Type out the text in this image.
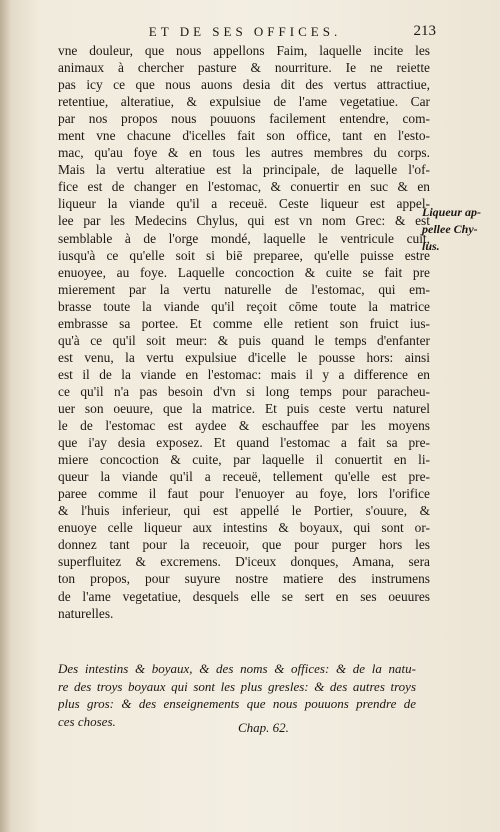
ET DE SES OFFICES.	213
vne douleur, que nous appellons Faim, laquelle incite les
animaux à chercher pasture & nourriture. Ie ne reiette
pas icy ce que nous auons desia dit des vertus attractiue,
retentiue, alteratiue, & expulsiue de l'ame vegetatiue. Car
par nos propos nous pouuons facilement entendre, com-
ment vne chacune d'icelles fait son office, tant en l'esto-
mac, qu'au foye & en tous les autres membres du corps.
Mais la vertu alteratiue est la principale, de laquelle l'of-
fice est de changer en l'estomac, & conuertir en suc & en
liqueur la viande qu'il a receuë. Ceste liqueur est appel-
lee par les Medecins Chylus, qui est vn nom Grec: & est
semblable à de l'orge mondé, laquelle le ventricule cuit,
iusqu'à ce qu'elle soit si biē preparee, qu'elle puisse estre
enuoyee, au foye. Laquelle concoction & cuite se fait pre
mierement par la vertu naturelle de l'estomac, qui em-
brasse toute la viande qu'il reçoit cōme toute la matrice
embrasse sa portee. Et comme elle retient son fruict ius-
qu'à ce qu'il soit meur: & puis quand le temps d'enfanter
est venu, la vertu expulsiue d'icelle le pousse hors: ainsi
est il de la viande en l'estomac: mais il y a difference en
ce qu'il n'a pas besoin d'vn si long temps pour paracheu-
uer son oeuure, que la matrice. Et puis ceste vertu naturel
le de l'estomac est aydee & eschauffee par les moyens
que i'ay desia exposez. Et quand l'estomac a fait sa pre-
miere concoction & cuite, par laquelle il conuertit en li-
queur la viande qu'il a receuë, tellement qu'elle est pre-
paree comme il faut pour l'enuoyer au foye, lors l'orifice
& l'huis inferieur, qui est appellé le Portier, s'ouure, &
enuoye celle liqueur aux intestins & boyaux, qui sont or-
donnez tant pour la receuoir, que pour purger hors les
superfluitez & excremens. D'iceux donques, Amana, sera
ton propos, pour suyure nostre matiere des instrumens
de l'ame vegetatiue, desquels elle se sert en ses oeuures
naturelles.
Liqueur ap-
pellee Chy-
lus.
Des intestins & boyaux, & des noms & offices: & de la natu-
re des troys boyaux qui sont les plus gresles: & des autres troys
plus gros: & des enseignements que nous pouuons prendre de
ces choses.	Chap. 62.
